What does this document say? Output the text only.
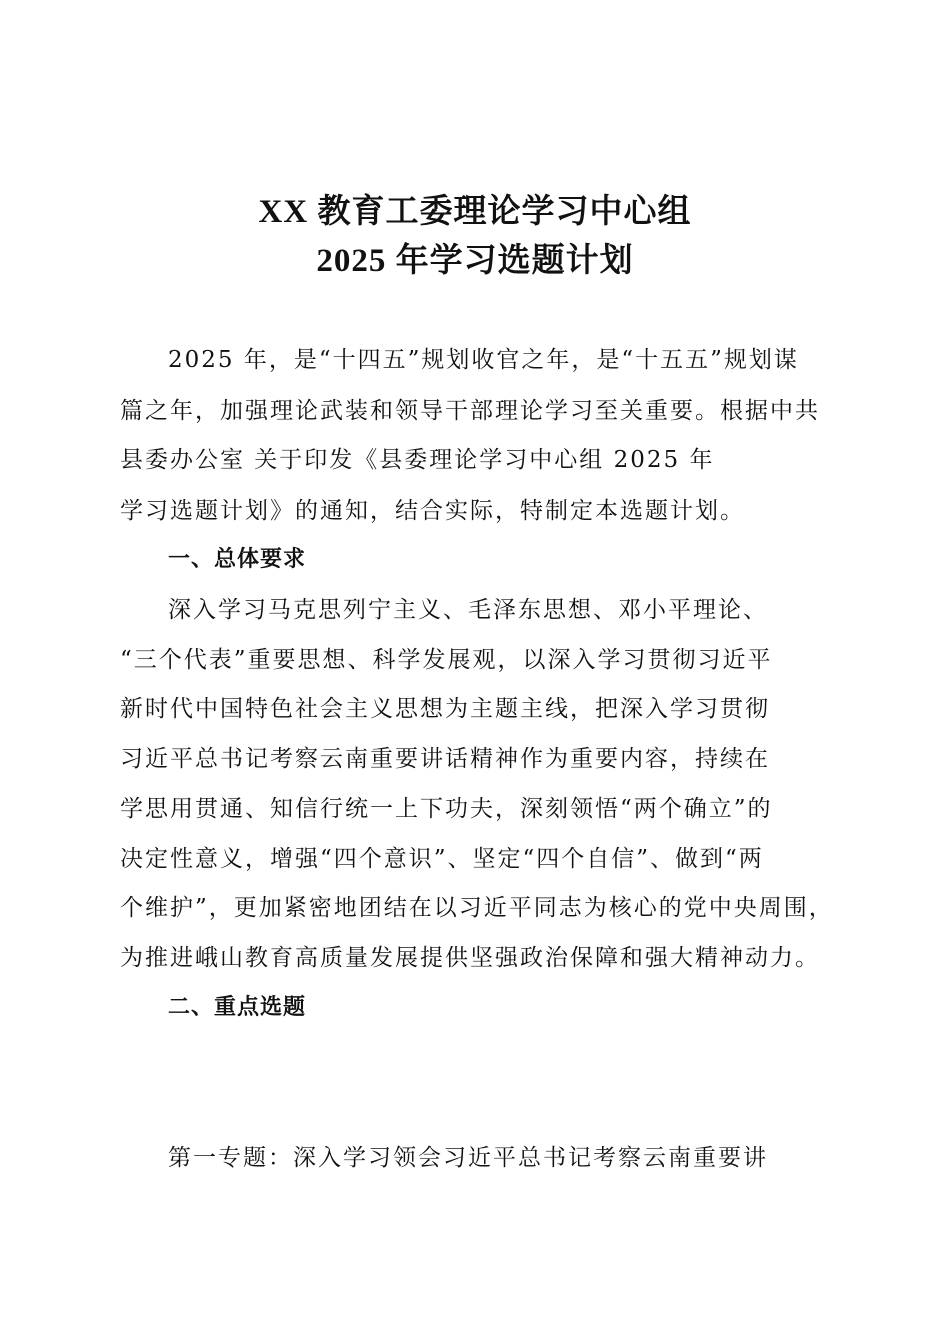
XX 教育工委理论学习中心组
2025 年学习选题计划
2025 年，是“十四五”规划收官之年，是“十五五”规划谋
篇之年，加强理论武装和领导干部理论学习至关重要。根据中共
县委办公室 关于印发《县委理论学习中心组 2025 年
学习选题计划》的通知，结合实际，特制定本选题计划。
一、总体要求
深入学习马克思列宁主义、毛泽东思想、邓小平理论、
“三个代表”重要思想、科学发展观，以深入学习贯彻习近平
新时代中国特色社会主义思想为主题主线，把深入学习贯彻
习近平总书记考察云南重要讲话精神作为重要内容，持续在
学思用贯通、知信行统一上下功夫，深刻领悟“两个确立”的
决定性意义，增强“四个意识”、坚定“四个自信”、做到“两
个维护”，更加紧密地团结在以习近平同志为核心的党中央周围，
为推进峨山教育高质量发展提供坚强政治保障和强大精神动力。
二、重点选题
第一专题：深入学习领会习近平总书记考察云南重要讲
